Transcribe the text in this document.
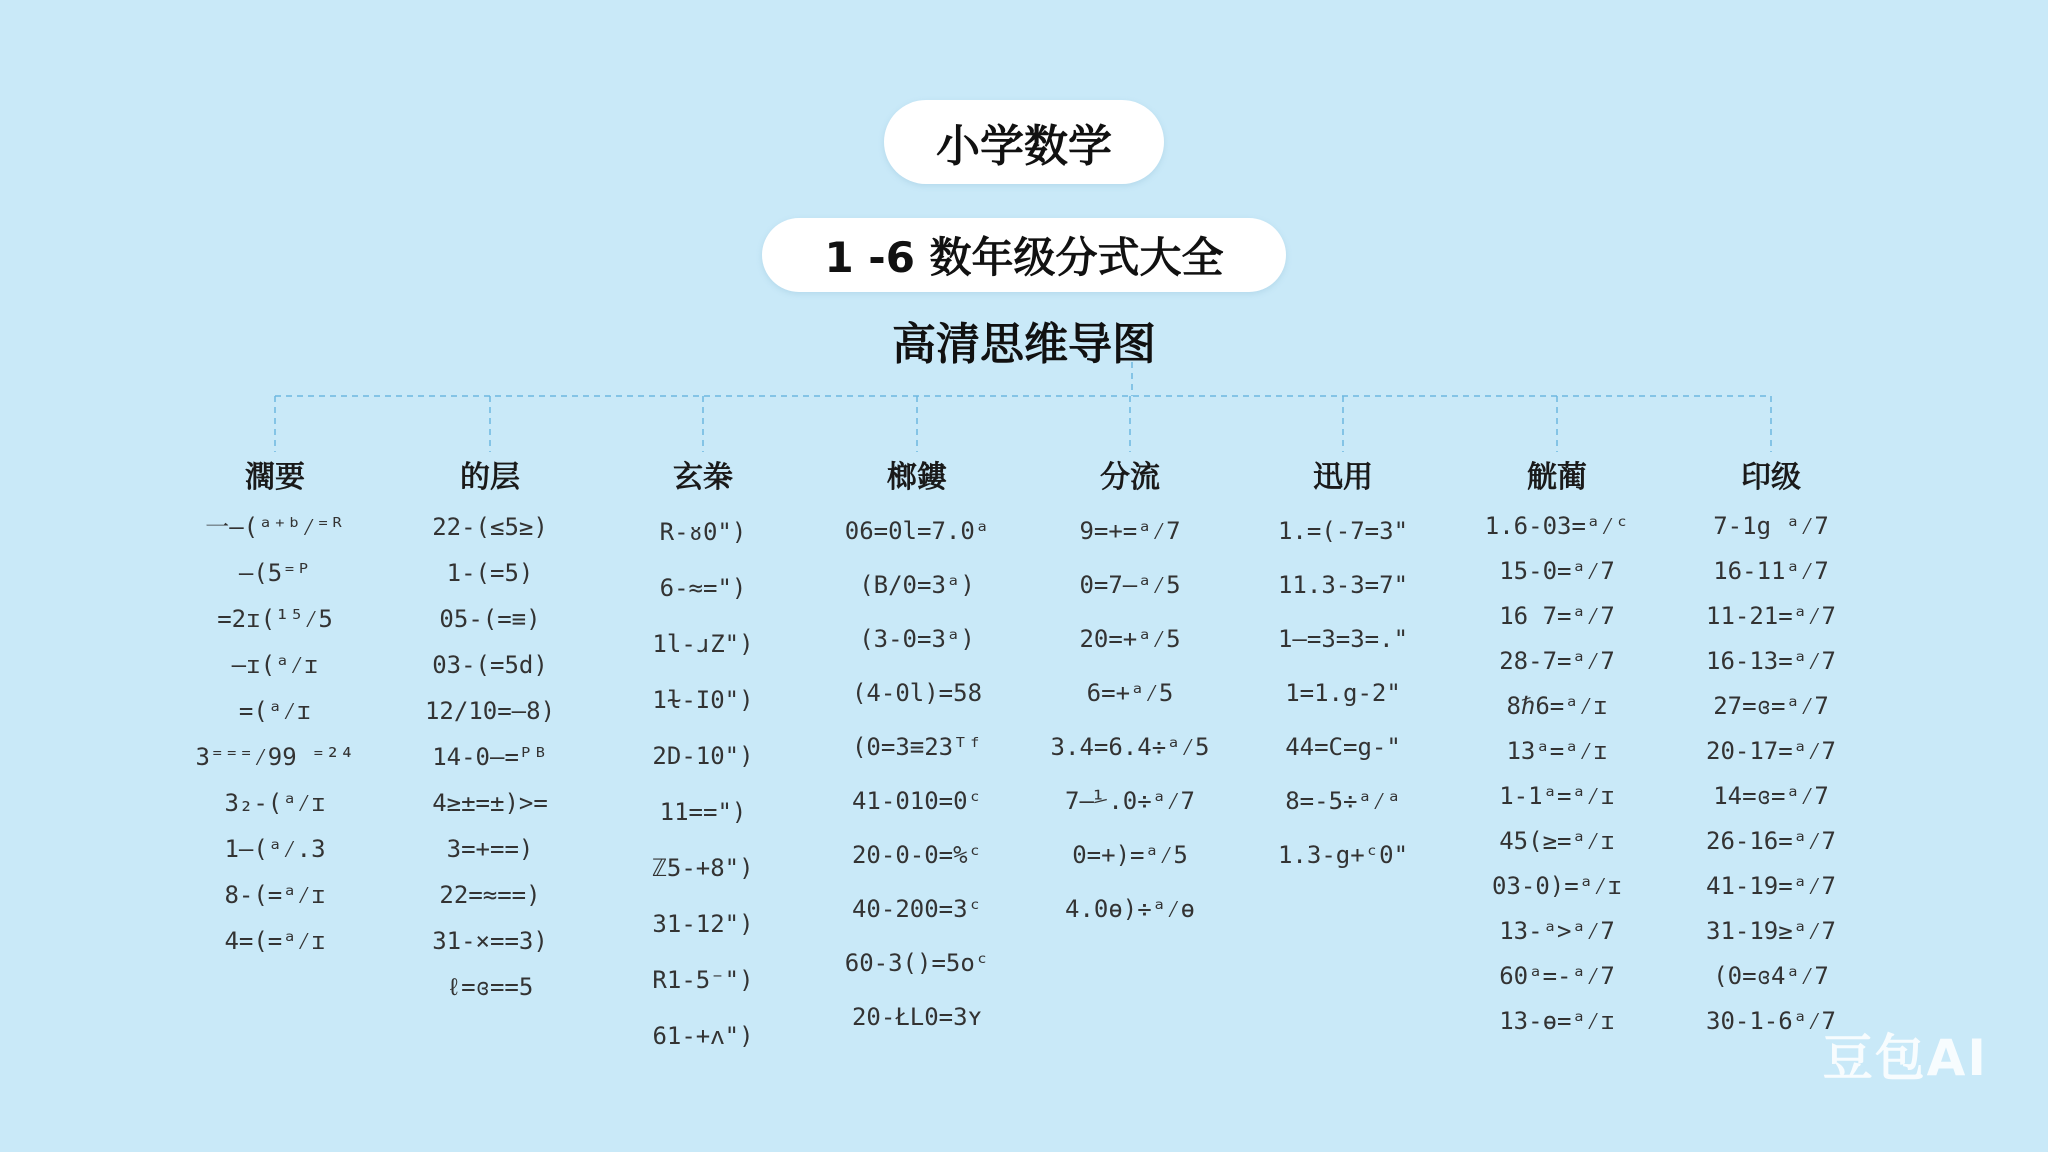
小学数学
1 -6 数年级分式大全
高清思维导图
濶要
一—(ᵃ⁺ᵇ⁄⁼ᴿ
—(5⁼ᴾ
=2ɪ(¹⁵⁄5
—ɪ(ᵃ⁄ɪ
=(ᵃ⁄ɪ
3⁼⁼⁼⁄99 ⁼²⁴
3₂-(ᵃ⁄ɪ
1—(ᵃ⁄.3
8-(=ᵃ⁄ɪ
4=(=ᵃ⁄ɪ
的层
22-(≤5≥)
1-(=5)
05-(=≡)
03-(=5d)
12/10=—8)
14-0—=ᴾᴮ
4≥±=±)>=
3=+==)
22=≈==)
31-×==3)
ℓ=ɞ==5
玄桊
R-ᴕ0")
6-≈=")
1l-ɹZ")
1ɫ-I0")
2D-10")
11==")
ℤ5-+8")
31-12")
R1-5⁻")
61-+ᴧ")
榔鏤
06=0l=7.0ᵃ
(B/0=3ᵃ)
(3-0=3ᵃ)
(4-0l)=58
(0=3≡23ᵀᶠ
41-010=0ᶜ
20-0-0=%ᶜ
40-200=3ᶜ
60-3()=5oᶜ
20-ŁL0=3ʏ
分流
9=+=ᵃ⁄7
0=7—ᵃ⁄5
20=+ᵃ⁄5
6=+ᵃ⁄5
3.4=6.4÷ᵃ⁄5
7—⅟.0÷ᵃ⁄7
0=+)=ᵃ⁄5
4.0ɵ)÷ᵃ⁄ɵ
迅用
1.=(-7=3"
11.3-3=7"
1—=3=3=."
1=1.g-2"
44=C=g-"
8=-5÷ᵃ⁄ᵃ
1.3-g+ᶜ0"
觥蔺
1.6-03=ᵃ⁄ᶜ
15-0=ᵃ⁄7
16 7=ᵃ⁄7
28-7=ᵃ⁄7
8ℏ6=ᵃ⁄ɪ
13ᵃ=ᵃ⁄ɪ
1-1ᵃ=ᵃ⁄ɪ
45(≥=ᵃ⁄ɪ
03-0)=ᵃ⁄ɪ
13-ᵃ>ᵃ⁄7
60ᵃ=-ᵃ⁄7
13-ɵ=ᵃ⁄ɪ
印级
7-1g ᵃ⁄7
16-11ᵃ⁄7
11-21=ᵃ⁄7
16-13=ᵃ⁄7
27=ɞ=ᵃ⁄7
20-17=ᵃ⁄7
14=ɞ=ᵃ⁄7
26-16=ᵃ⁄7
41-19=ᵃ⁄7
31-19≥ᵃ⁄7
(0=ɞ4ᵃ⁄7
30-1-6ᵃ⁄7
豆包AI
